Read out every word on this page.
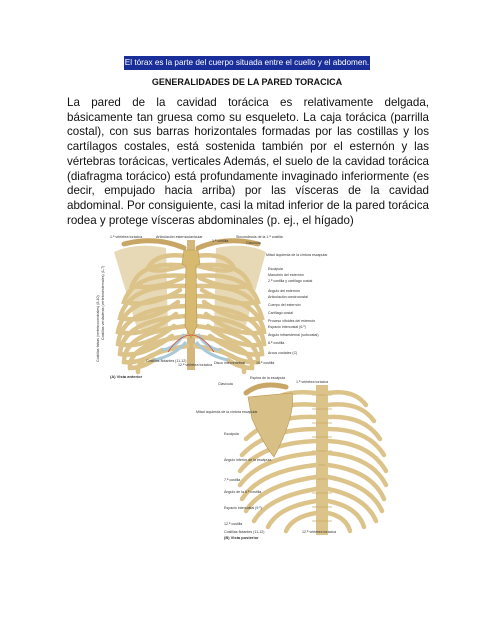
El tórax es la parte del cuerpo situada entre el cuello y el abdomen.
GENERALIDADES DE LA PARED TORACICA
La pared de la cavidad torácica es relativamente delgada, básicamente tan gruesa como su esqueleto. La caja torácica (parrilla costal), con sus barras horizontales formadas por las costillas y los cartílagos costales, está sostenida también por el esternón y las vértebras torácicas, verticales Además, el suelo de la cavidad torácica (diafragma torácico) está profundamente invaginado inferiormente (es decir, empujado hacia arriba) por las vísceras de la cavidad abdominal. Por consiguiente, casi la mitad inferior de la pared torácica rodea y protege vísceras abdominales (p. ej., el hígado)
1.ª vértebra torácica	Articulación esternoclavicular
1.ª costilla
Sincondrosis de la 1.ª costilla
Clavícula
Mitad izquierda de la cintura escapular
Escápula
Manubrio del esternón
2.ª costilla y cartílago costal
Ángulo del esternón
Articulación condrocostal
Cuerpo del esternón
Cartílago costal
Proceso xifoides del esternón
Espacio intercostal (6.º)
Ángulo infraesternal (subcostal)
8.ª costilla
Arcos costales (C)
10.ª costilla
Costillas verdaderas (vertebroesternales) (1-7)
Costillas falsas (vertebrocondrales) (8-10)	Costillas flotantes (11-12)
12.ª vértebra torácica Disco intervertebral
(A) Vista anterior	Espina de la escápula
Clavícula	1.ª vértebra torácica
Mitad izquierda de la cintura escapular
Escápula
Ángulo inferior de la escápula
7.ª costilla
Ángulo de la 6.ª costilla
Espacio intercostal (9.º)
12.ª costilla
Costillas flotantes (11-12)	12.ª vértebra torácica
(B) Vista posterior
